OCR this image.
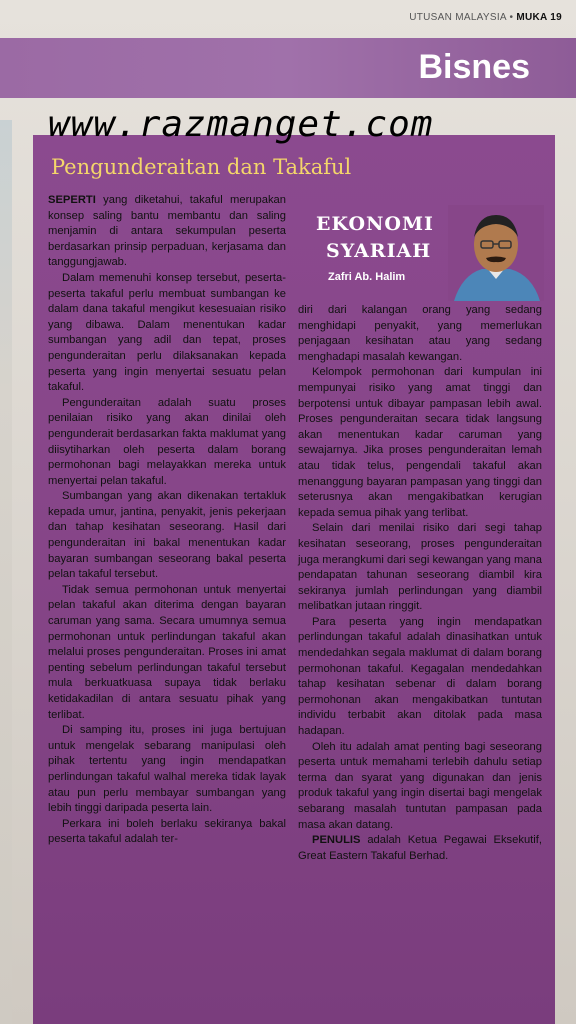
UTUSAN MALAYSIA • MUKA 19
Bisnes
Pengunderaitan dan Takaful

SEPERTI yang diketahui, takaful merupakan konsep saling bantu membantu dan saling menjamin di antara sekumpulan peserta berdasarkan prinsip perpaduan, kerjasama dan tanggungjawab.

Dalam memenuhi konsep tersebut, peserta-peserta takaful perlu membuat sumbangan ke dalam dana takaful mengikut kesesuaian risiko yang dibawa. Dalam menentukan kadar sumbangan yang adil dan tepat, proses pengunderaitan perlu dilaksanakan kepada peserta yang ingin menyertai sesuatu pelan takaful.

Pengunderaitan adalah suatu proses penilaian risiko yang akan dinilai oleh pengunderait berdasarkan fakta maklumat yang diisytiharkan oleh peserta dalam borang permohonan bagi melayakkan mereka untuk menyertai pelan takaful.

Sumbangan yang akan dikenakan tertakluk kepada umur, jantina, penyakit, jenis pekerjaan dan tahap kesihatan seseorang. Hasil dari pengunderaitan ini bakal menentukan kadar bayaran sumbangan seseorang bakal peserta pelan takaful tersebut.

Tidak semua permohonan untuk menyertai pelan takaful akan diterima dengan bayaran caruman yang sama. Secara umumnya semua permohonan untuk perlindungan takaful akan melalui proses pengunderaitan. Proses ini amat penting sebelum perlindungan takaful tersebut mula berkuatkuasa supaya tidak berlaku ketidakadilan di antara sesuatu pihak yang terlibat.

Di samping itu, proses ini juga bertujuan untuk mengelak sebarang manipulasi oleh pihak tertentu yang ingin mendapatkan perlindungan takaful walhal mereka tidak layak atau pun perlu membayar sumbangan yang lebih tinggi daripada peserta lain.

Perkara ini boleh berlaku sekiranya bakal peserta takaful adalah ter-

EKONOMI
SYARIAH
Zafri Ab. Halim

diri dari kalangan orang yang sedang menghidapi penyakit, yang memerlukan penjagaan kesihatan atau yang sedang menghadapi masalah kewangan.

Kelompok permohonan dari kumpulan ini mempunyai risiko yang amat tinggi dan berpotensi untuk dibayar pampasan lebih awal. Proses pengunderaitan secara tidak langsung akan menentukan kadar caruman yang sewajarnya. Jika proses pengunderaitan lemah atau tidak telus, pengendali takaful akan menanggung bayaran pampasan yang tinggi dan seterusnya akan mengakibatkan kerugian kepada semua pihak yang terlibat.

Selain dari menilai risiko dari segi tahap kesihatan seseorang, proses pengunderaitan juga merangkumi dari segi kewangan yang mana pendapatan tahunan seseorang diambil kira sekiranya jumlah perlindungan yang diambil melibatkan jutaan ringgit.

Para peserta yang ingin mendapatkan perlindungan takaful adalah dinasihatkan untuk mendedahkan segala maklumat di dalam borang permohonan takaful. Kegagalan mendedahkan tahap kesihatan sebenar di dalam borang permohonan akan mengakibatkan tuntutan individu terbabit akan ditolak pada masa hadapan.

Oleh itu adalah amat penting bagi seseorang peserta untuk memahami terlebih dahulu setiap terma dan syarat yang digunakan dan jenis produk takaful yang ingin disertai bagi mengelak sebarang masalah tuntutan pampasan pada masa akan datang.

PENULIS adalah Ketua Pegawai Eksekutif, Great Eastern Takaful Berhad.

www.razmanget.com
